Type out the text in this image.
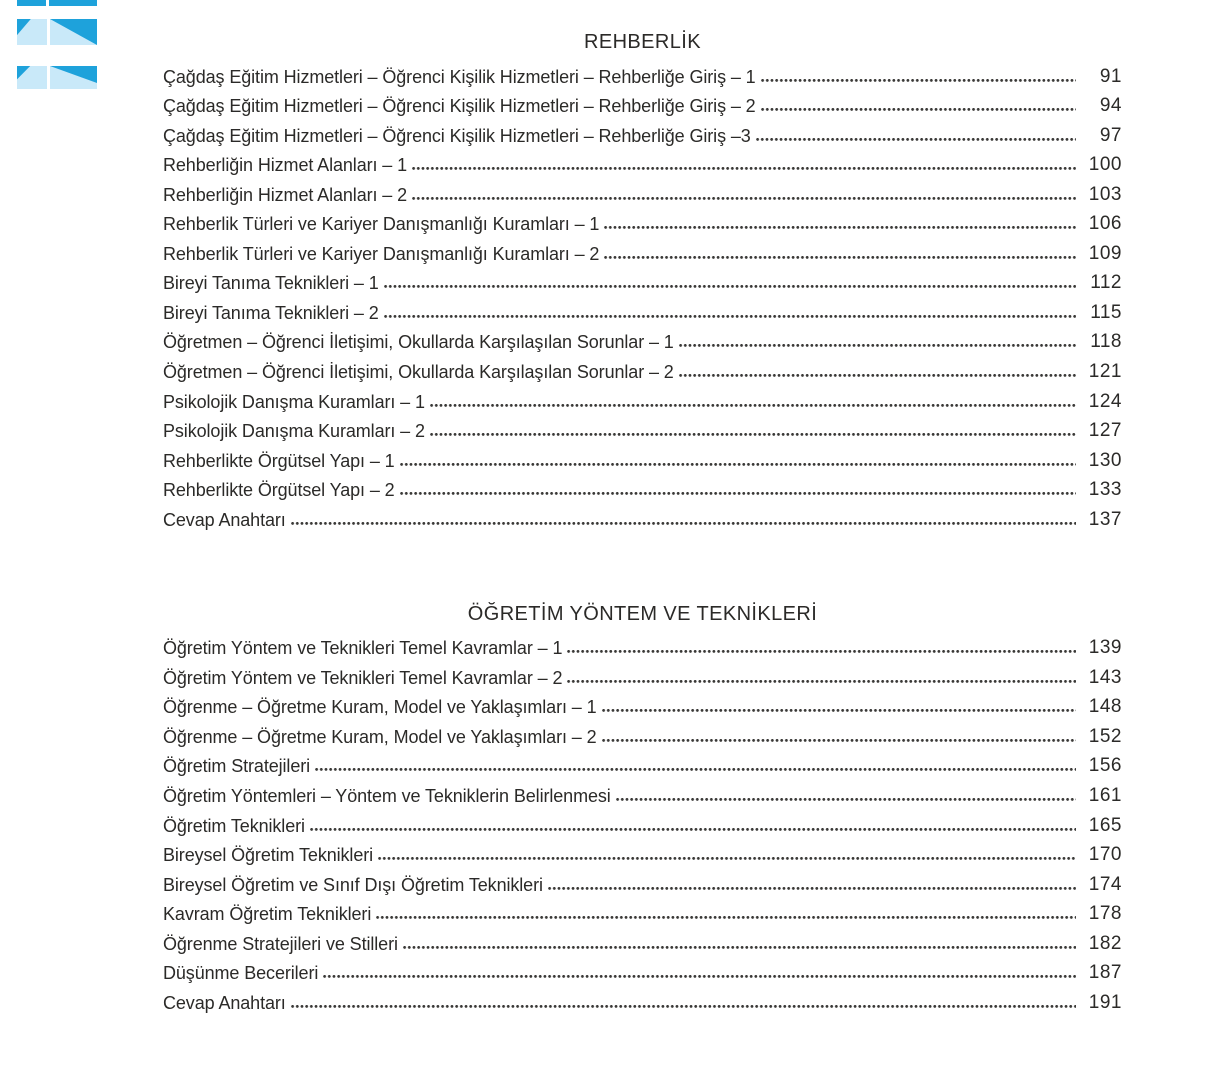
REHBERLİK
Çağdaş Eğitim Hizmetleri – Öğrenci Kişilik Hizmetleri – Rehberliğe Giriş – 1	91
Çağdaş Eğitim Hizmetleri – Öğrenci Kişilik Hizmetleri – Rehberliğe Giriş – 2	94
Çağdaş Eğitim Hizmetleri – Öğrenci Kişilik Hizmetleri – Rehberliğe Giriş –3	97
Rehberliğin Hizmet Alanları – 1	100
Rehberliğin Hizmet Alanları – 2	103
Rehberlik Türleri ve Kariyer Danışmanlığı Kuramları – 1	106
Rehberlik Türleri ve Kariyer Danışmanlığı Kuramları – 2	109
Bireyi Tanıma Teknikleri – 1	112
Bireyi Tanıma Teknikleri – 2	115
Öğretmen – Öğrenci İletişimi, Okullarda Karşılaşılan Sorunlar – 1	118
Öğretmen – Öğrenci İletişimi, Okullarda Karşılaşılan Sorunlar – 2	121
Psikolojik Danışma Kuramları – 1	124
Psikolojik Danışma Kuramları – 2	127
Rehberlikte Örgütsel Yapı – 1	130
Rehberlikte Örgütsel Yapı – 2	133
Cevap Anahtarı	137
ÖĞRETİM YÖNTEM VE TEKNİKLERİ
Öğretim Yöntem ve Teknikleri Temel Kavramlar – 1	139
Öğretim Yöntem ve Teknikleri Temel Kavramlar – 2	143
Öğrenme – Öğretme Kuram, Model ve Yaklaşımları – 1	148
Öğrenme – Öğretme Kuram, Model ve Yaklaşımları – 2	152
Öğretim Stratejileri	156
Öğretim Yöntemleri – Yöntem ve Tekniklerin Belirlenmesi	161
Öğretim Teknikleri	165
Bireysel Öğretim Teknikleri	170
Bireysel Öğretim ve Sınıf Dışı Öğretim Teknikleri	174
Kavram Öğretim Teknikleri	178
Öğrenme Stratejileri ve Stilleri	182
Düşünme Becerileri	187
Cevap Anahtarı	191
